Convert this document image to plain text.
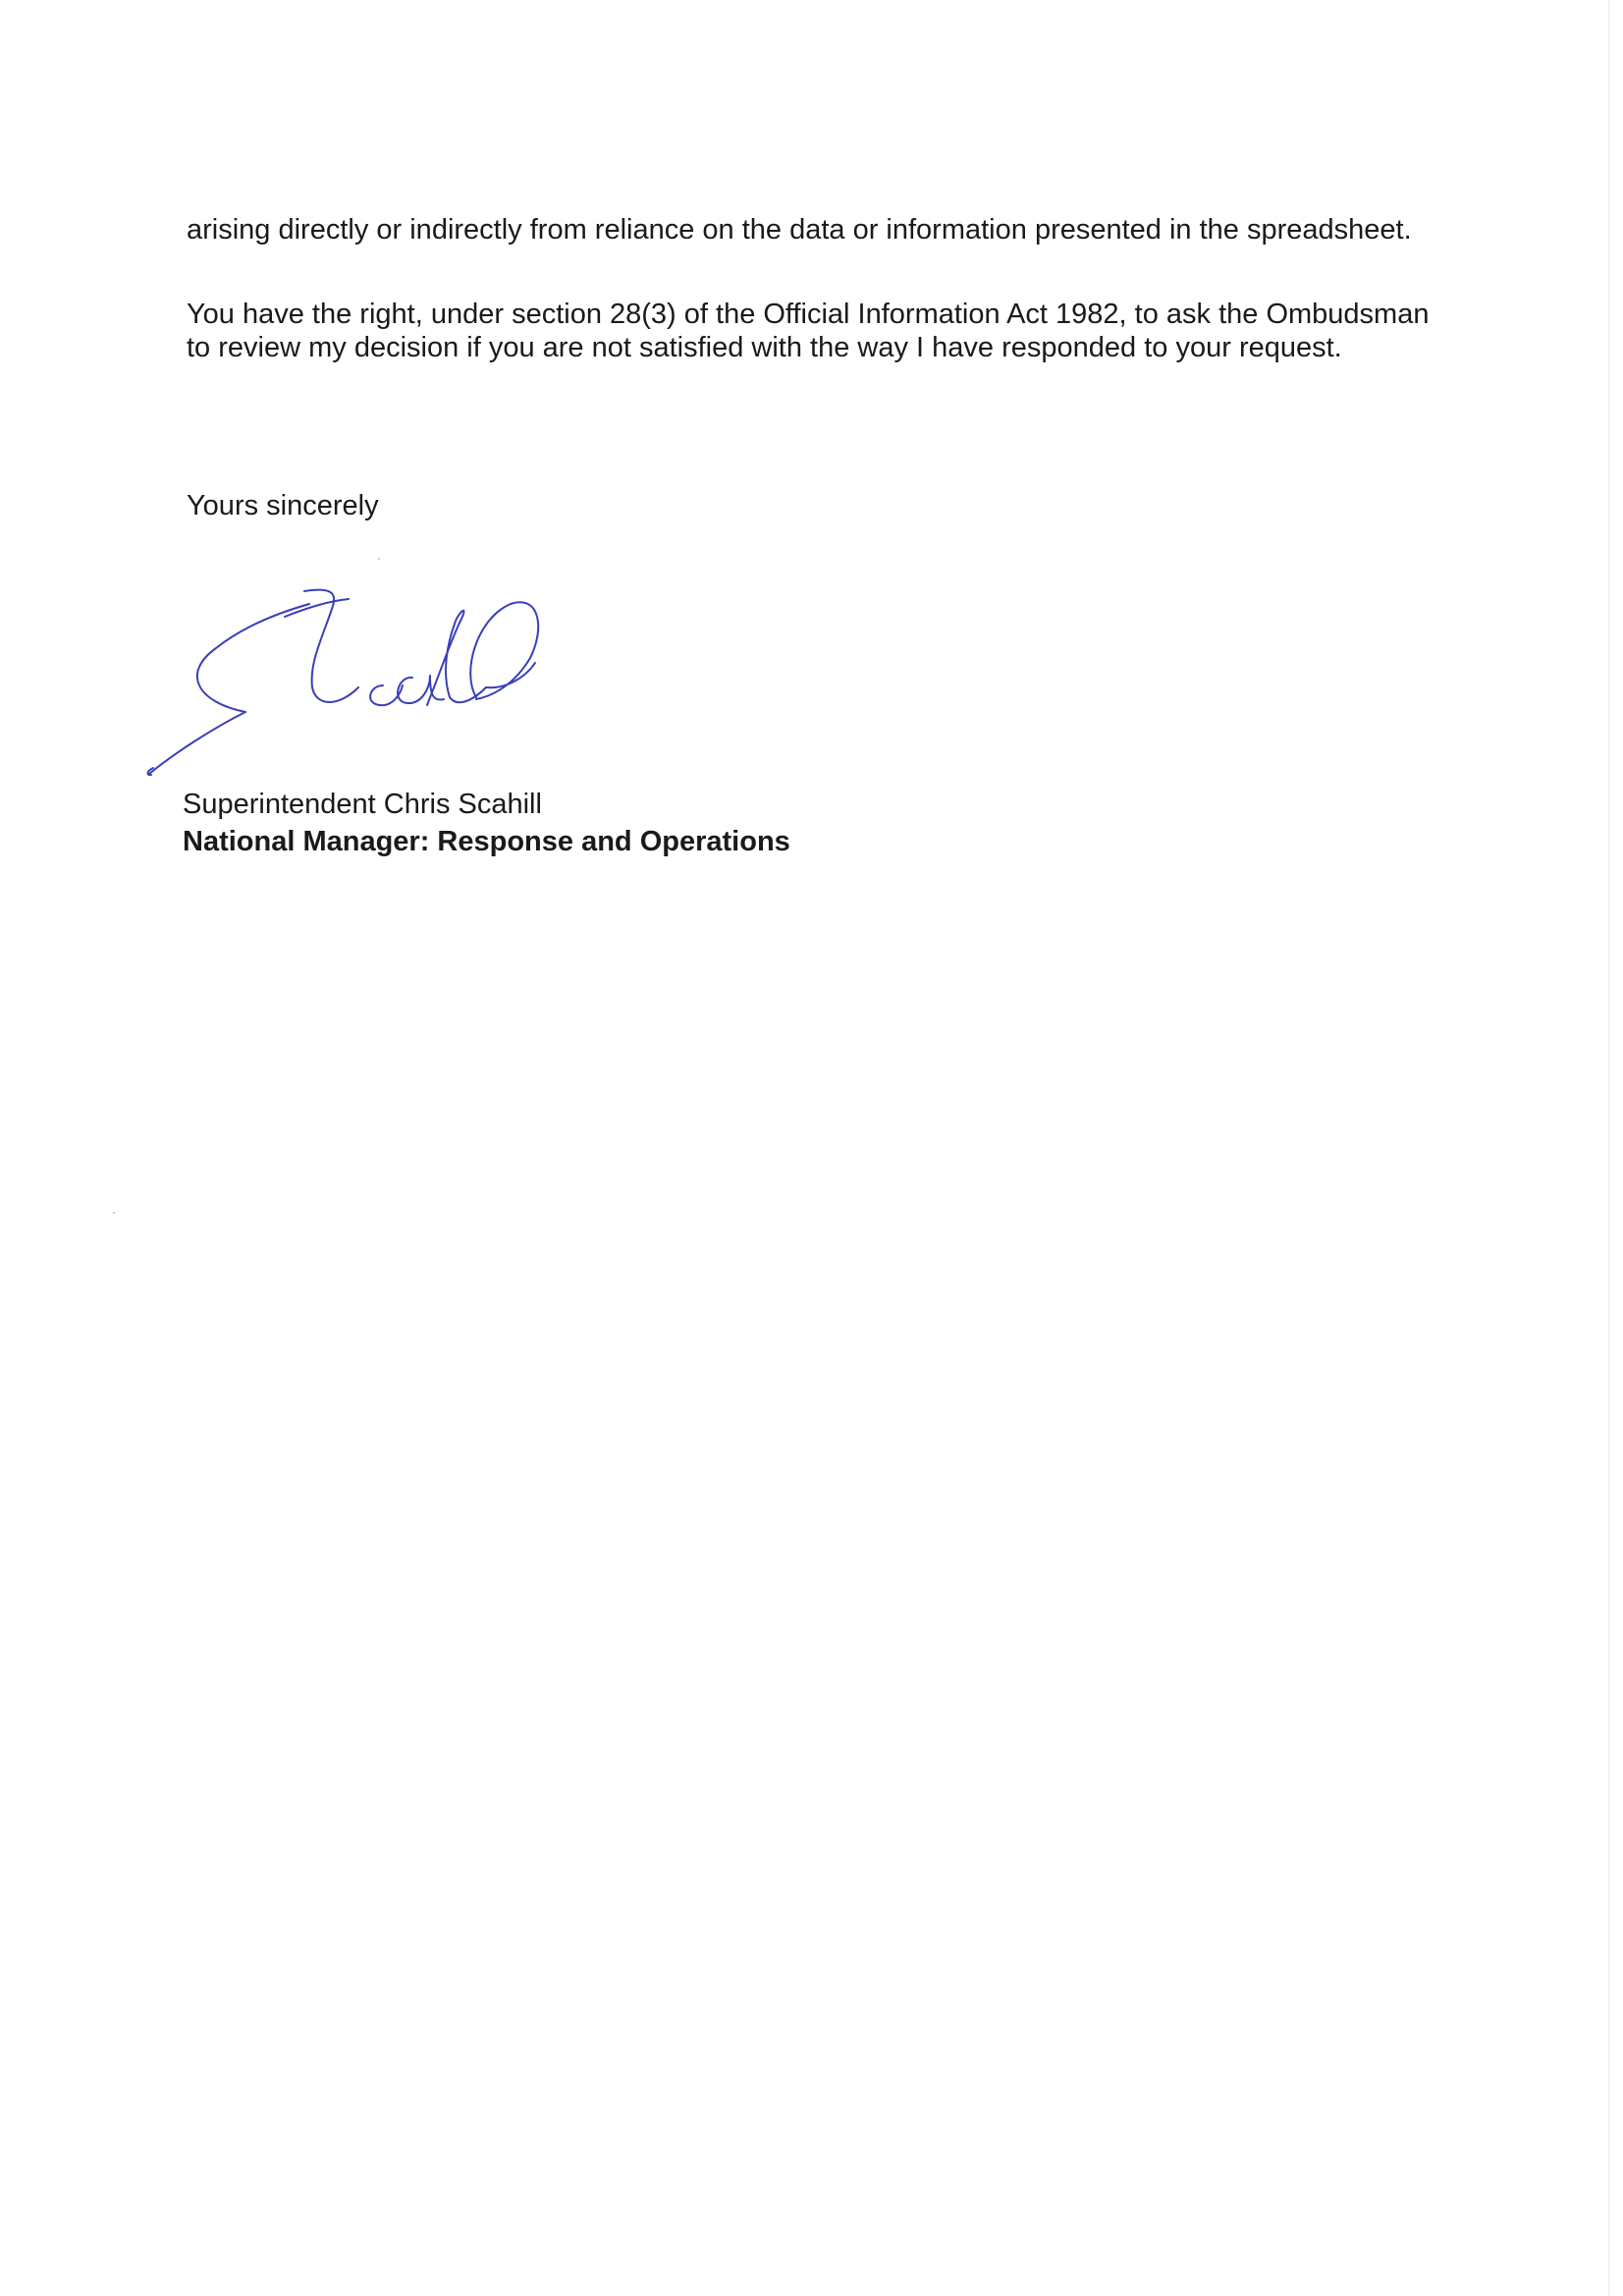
arising directly or indirectly from reliance on the data or information presented in the spreadsheet.

You have the right, under section 28(3) of the Official Information Act 1982, to ask the Ombudsman to review my decision if you are not satisfied with the way I have responded to your request.

Yours sincerely

Superintendent Chris Scahill

National Manager: Response and Operations
